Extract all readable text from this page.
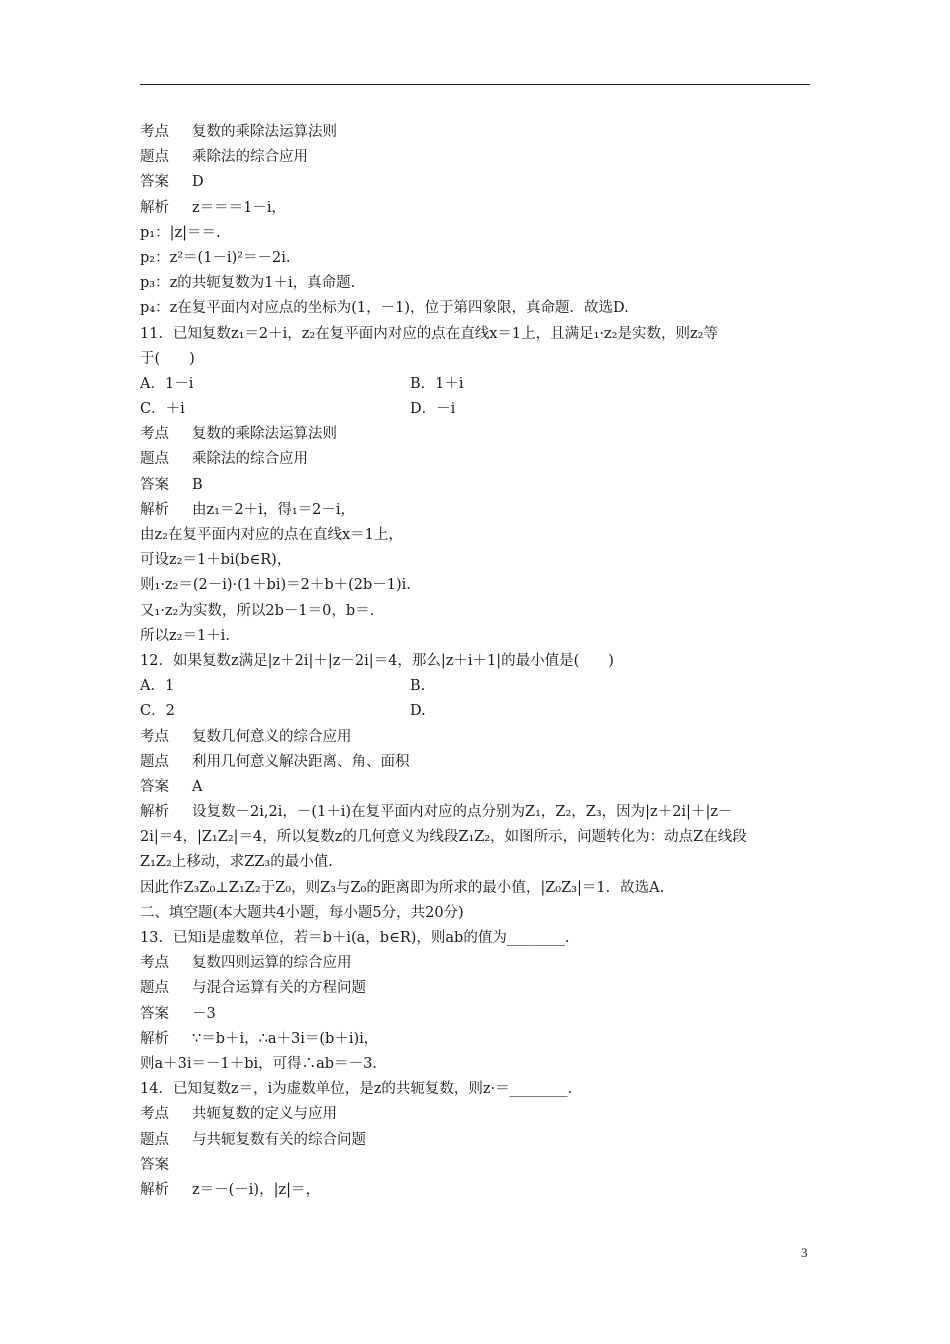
考点 复数的乘除法运算法则
题点 乘除法的综合应用
答案 D
解析 z＝＝＝1－i，
p₁：|z|＝＝.
p₂：z²＝(1－i)²＝－2i.
p₃：z的共轭复数为1＋i，真命题.
p₄：z在复平面内对应点的坐标为(1，－1)，位于第四象限，真命题．故选D.
11．已知复数z₁＝2＋i，z₂在复平面内对应的点在直线x＝1上，且满足₁·z₂是实数，则z₂等
于(　　)
A．1－i	B．1＋i
C．＋i	D．－i
考点 复数的乘除法运算法则
题点 乘除法的综合应用
答案 B
解析 由z₁＝2＋i，得₁＝2－i，
由z₂在复平面内对应的点在直线x＝1上，
可设z₂＝1＋bi(b∈R)，
则₁·z₂＝(2－i)·(1＋bi)＝2＋b＋(2b－1)i.
又₁·z₂为实数，所以2b－1＝0，b＝.
所以z₂＝1＋i.
12．如果复数z满足|z＋2i|＋|z－2i|＝4，那么|z＋i＋1|的最小值是(　　)
A．1	B.
C．2	D.
考点 复数几何意义的综合应用
题点 利用几何意义解决距离、角、面积
答案 A
解析 设复数－2i,2i，－(1＋i)在复平面内对应的点分别为Z₁，Z₂，Z₃，因为|z＋2i|＋|z－
2i|＝4，|Z₁Z₂|＝4，所以复数z的几何意义为线段Z₁Z₂，如图所示，问题转化为：动点Z在线段
Z₁Z₂上移动，求ZZ₃的最小值.
因此作Z₃Z₀⊥Z₁Z₂于Z₀，则Z₃与Z₀的距离即为所求的最小值，|Z₀Z₃|＝1．故选A.
二、填空题(本大题共4小题，每小题5分，共20分)
13．已知i是虚数单位，若＝b＋i(a，b∈R)，则ab的值为________.
考点 复数四则运算的综合应用
题点 与混合运算有关的方程问题
答案 －3
解析 ∵＝b＋i，∴a＋3i＝(b＋i)i，
则a＋3i＝－1＋bi，可得∴ab＝－3.
14．已知复数z＝，i为虚数单位，是z的共轭复数，则z·＝________.
考点 共轭复数的定义与应用
题点 与共轭复数有关的综合问题
答案
解析 z＝－(－i)，|z|＝，
3
